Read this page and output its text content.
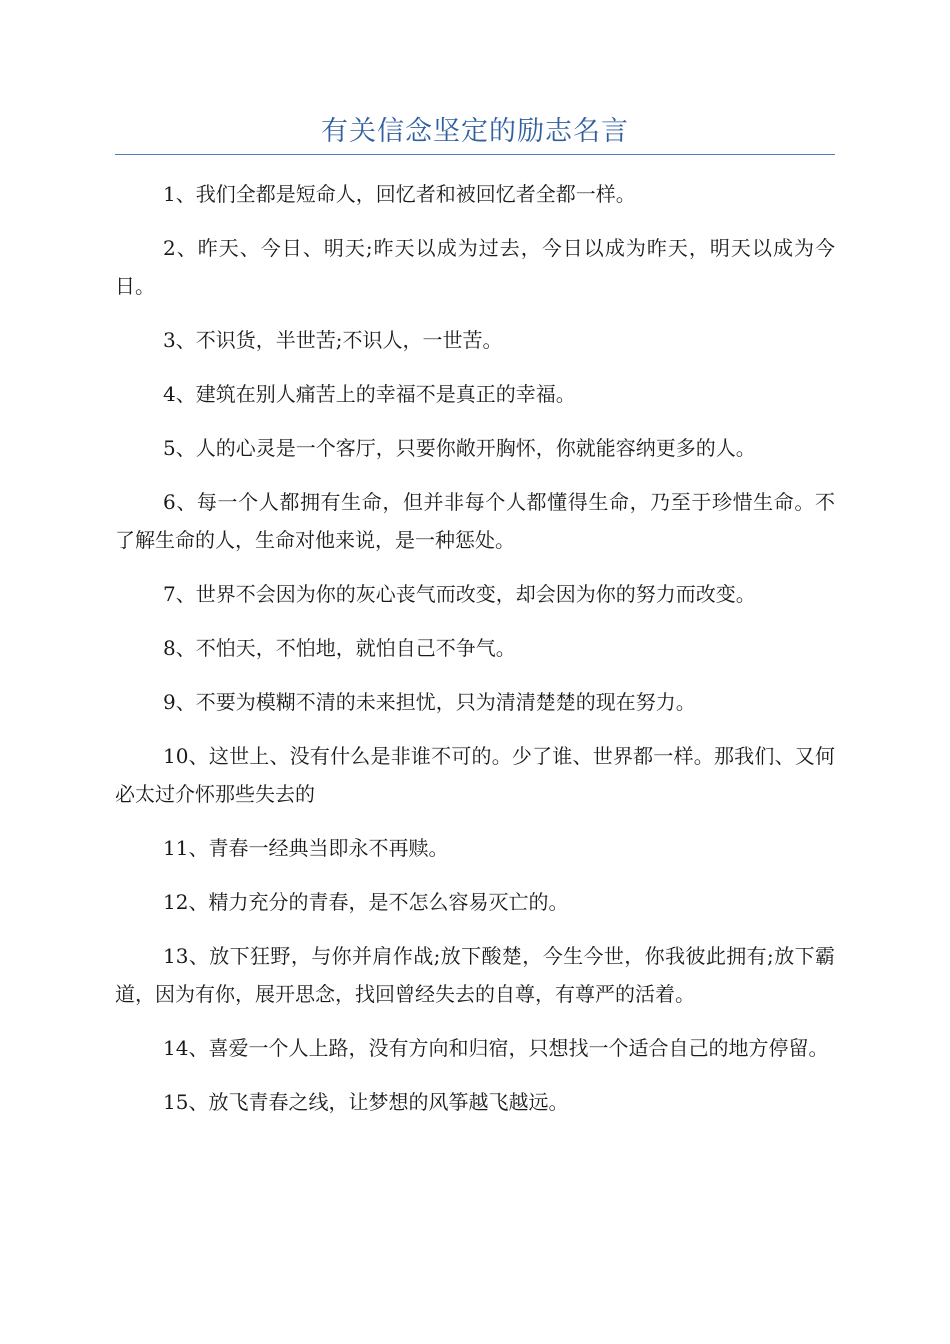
有关信念坚定的励志名言

1、我们全都是短命人，回忆者和被回忆者全都一样。

2、昨天、今日、明天;昨天以成为过去，今日以成为昨天，明天以成为今日。

3、不识货，半世苦;不识人，一世苦。

4、建筑在别人痛苦上的幸福不是真正的幸福。

5、人的心灵是一个客厅，只要你敞开胸怀，你就能容纳更多的人。

6、每一个人都拥有生命，但并非每个人都懂得生命，乃至于珍惜生命。不了解生命的人，生命对他来说，是一种惩处。

7、世界不会因为你的灰心丧气而改变，却会因为你的努力而改变。

8、不怕天，不怕地，就怕自己不争气。

9、不要为模糊不清的未来担忧，只为清清楚楚的现在努力。

10、这世上、没有什么是非谁不可的。少了谁、世界都一样。那我们、又何必太过介怀那些失去的

11、青春一经典当即永不再赎。

12、精力充分的青春，是不怎么容易灭亡的。

13、放下狂野，与你并肩作战;放下酸楚，今生今世，你我彼此拥有;放下霸道，因为有你，展开思念，找回曾经失去的自尊，有尊严的活着。

14、喜爱一个人上路，没有方向和归宿，只想找一个适合自己的地方停留。

15、放飞青春之线，让梦想的风筝越飞越远。
